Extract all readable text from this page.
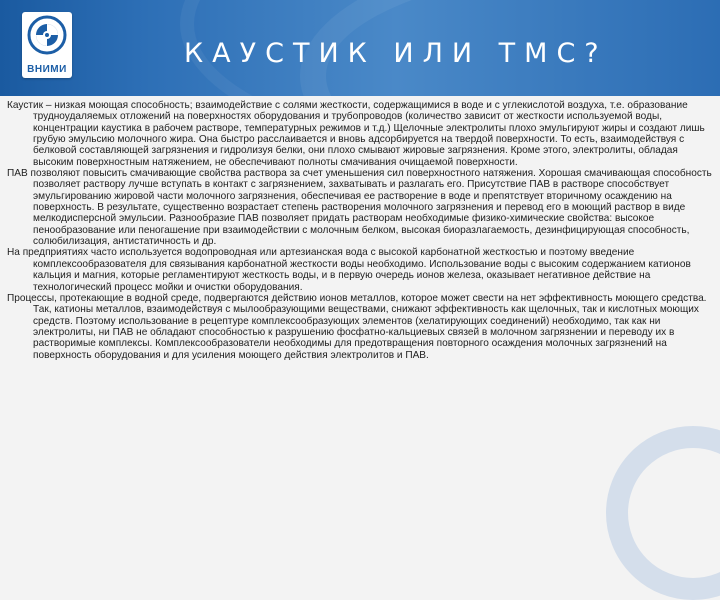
ВНИМИ
КАУСТИК ИЛИ ТМС?

Каустик – низкая моющая способность; взаимодействие с солями жесткости, содержащимися в воде и с углекислотой воздуха, т.е. образование трудноудаляемых отложений на поверхностях оборудования и трубопроводов (количество зависит от жесткости используемой воды, концентрации каустика в рабочем растворе, температурных режимов и т.д.) Щелочные электролиты плохо эмульгируют жиры и создают лишь грубую эмульсию молочного жира. Она быстро расслаивается и вновь адсорбируется на твердой поверхности. То есть, взаимодействуя с белковой составляющей загрязнения и гидролизуя белки, они плохо смывают жировые загрязнения. Кроме этого, электролиты, обладая высоким поверхностным натяжением, не обеспечивают полноты смачивания очищаемой поверхности.

ПАВ позволяют повысить смачивающие свойства раствора за счет уменьшения сил поверхностного натяжения. Хорошая смачивающая способность позволяет раствору лучше вступать в контакт с загрязнением, захватывать и разлагать его. Присутствие ПАВ в растворе способствует эмульгированию жировой части молочного загрязнения, обеспечивая ее растворение в воде и препятствует вторичному осаждению на поверхность. В результате, существенно возрастает степень растворения молочного загрязнения и перевод его в моющий раствор в виде мелкодисперсной эмульсии. Разнообразие ПАВ позволяет придать растворам необходимые физико-химические свойства: высокое пенообразование или пеногашение при взаимодействии с молочным белком, высокая биоразлагаемость, дезинфицирующая способность, солюбилизация, антистатичность и др.

На предприятиях часто используется водопроводная или артезианская вода с высокой карбонатной жесткостью и поэтому введение комплексообразователя для связывания карбонатной жесткости воды необходимо. Использование воды с высоким содержанием катионов кальция и магния, которые регламентируют жесткость воды, и в первую очередь ионов железа, оказывает негативное действие на технологический процесс мойки и очистки оборудования.

Процессы, протекающие в водной среде, подвергаются действию ионов металлов, которое может свести на нет эффективность моющего средства. Так, катионы металлов, взаимодействуя с мылообразующими веществами, снижают эффективность как щелочных, так и кислотных моющих средств. Поэтому использование в рецептуре комплексообразующих элементов (хелатирующих соединений) необходимо, так как ни электролиты, ни ПАВ не обладают способностью к разрушению фосфатно-кальциевых связей в молочном загрязнении и переводу их в растворимые комплексы. Комплексообразователи необходимы для предотвращения повторного осаждения молочных загрязнений на поверхность оборудования и для усиления моющего действия электролитов и ПАВ.
